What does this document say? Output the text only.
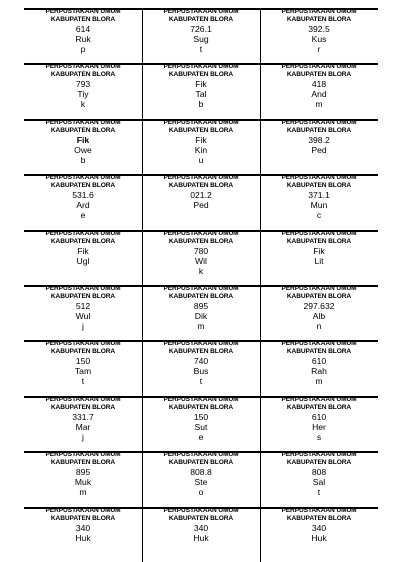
PERPUSTAKAAN UMUM
KABUPATEN BLORA
614
Ruk
p
PERPUSTAKAAN UMUM
KABUPATEN BLORA
726.1
Sug
t
PERPUSTAKAAN UMUM
KABUPATEN BLORA
392.5
Kus
r
PERPUSTAKAAN UMUM
KABUPATEN BLORA
793
Tiy
k
PERPUSTAKAAN UMUM
KABUPATEN BLORA
Fik
Tal
b
PERPUSTAKAAN UMUM
KABUPATEN BLORA
418
And
m
PERPUSTAKAAN UMUM
KABUPATEN BLORA
Fik
Owe
b
PERPUSTAKAAN UMUM
KABUPATEN BLORA
Fik
Kin
u
PERPUSTAKAAN UMUM
KABUPATEN BLORA
398.2
Ped

PERPUSTAKAAN UMUM
KABUPATEN BLORA
531.6
Ard
e
PERPUSTAKAAN UMUM
KABUPATEN BLORA
021.2
Ped

PERPUSTAKAAN UMUM
KABUPATEN BLORA
371.1
Mun
c
PERPUSTAKAAN UMUM
KABUPATEN BLORA
Fik
Ugl

PERPUSTAKAAN UMUM
KABUPATEN BLORA
780
Wil
k
PERPUSTAKAAN UMUM
KABUPATEN BLORA
Fik
Lit

PERPUSTAKAAN UMUM
KABUPATEN BLORA
512
Wul
j
PERPUSTAKAAN UMUM
KABUPATEN BLORA
895
Dik
m
PERPUSTAKAAN UMUM
KABUPATEN BLORA
297.632
Alb
n
PERPUSTAKAAN UMUM
KABUPATEN BLORA
150
Tam
t
PERPUSTAKAAN UMUM
KABUPATEN BLORA
740
Bus
t
PERPUSTAKAAN UMUM
KABUPATEN BLORA
610
Rah
m
PERPUSTAKAAN UMUM
KABUPATEN BLORA
331.7
Mar
j
PERPUSTAKAAN UMUM
KABUPATEN BLORA
150
Sut
e
PERPUSTAKAAN UMUM
KABUPATEN BLORA
610
Her
s
PERPUSTAKAAN UMUM
KABUPATEN BLORA
895
Muk
m
PERPUSTAKAAN UMUM
KABUPATEN BLORA
808.8
Ste
o
PERPUSTAKAAN UMUM
KABUPATEN BLORA
808
Sal
t
PERPUSTAKAAN UMUM
KABUPATEN BLORA
340
Huk

PERPUSTAKAAN UMUM
KABUPATEN BLORA
340
Huk

PERPUSTAKAAN UMUM
KABUPATEN BLORA
340
Huk
